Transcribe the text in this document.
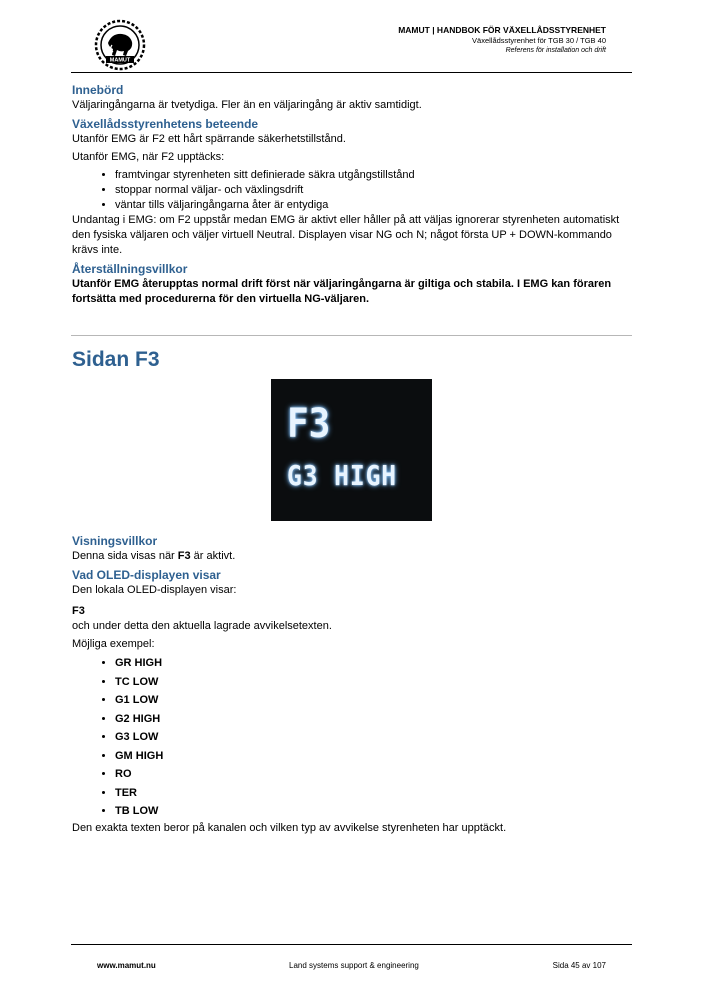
MAMUT
MAMUT | HANDBOK FÖR VÄXELLÅDSSTYRENHET
Växellådsstyrenhet för TGB 30 / TGB 40
Referens för installation och drift
Innebörd

Väljaringångarna är tvetydiga. Fler än en väljaringång är aktiv samtidigt.

Växellådsstyrenhetens beteende

Utanför EMG är F2 ett hårt spärrande säkerhetstillstånd.

Utanför EMG, när F2 upptäcks:

• framtvingar styrenheten sitt definierade säkra utgångstillstånd
• stoppar normal väljar- och växlingsdrift
• väntar tills väljaringångarna åter är entydiga

Undantag i EMG: om F2 uppstår medan EMG är aktivt eller håller på att väljas ignorerar styrenheten automatiskt den fysiska väljaren och väljer virtuell Neutral. Displayen visar NG och N; något första UP + DOWN-kommando krävs inte.

Återställningsvillkor

Utanför EMG återupptas normal drift först när väljaringångarna är giltiga och stabila. I EMG kan föraren fortsätta med procedurerna för den virtuella NG-väljaren.

Sidan F3
F3
G3 HIGH
Visningsvillkor

Denna sida visas när F3 är aktivt.

Vad OLED-displayen visar

Den lokala OLED-displayen visar:

F3

och under detta den aktuella lagrade avvikelsetexten.

Möjliga exempel:

• GR HIGH
• TC LOW
• G1 LOW
• G2 HIGH
• G3 LOW
• GM HIGH
• RO
• TER
• TB LOW

Den exakta texten beror på kanalen och vilken typ av avvikelse styrenheten har upptäckt.

www.mamut.nu	Land systems support & engineering	Sida 45 av 107
